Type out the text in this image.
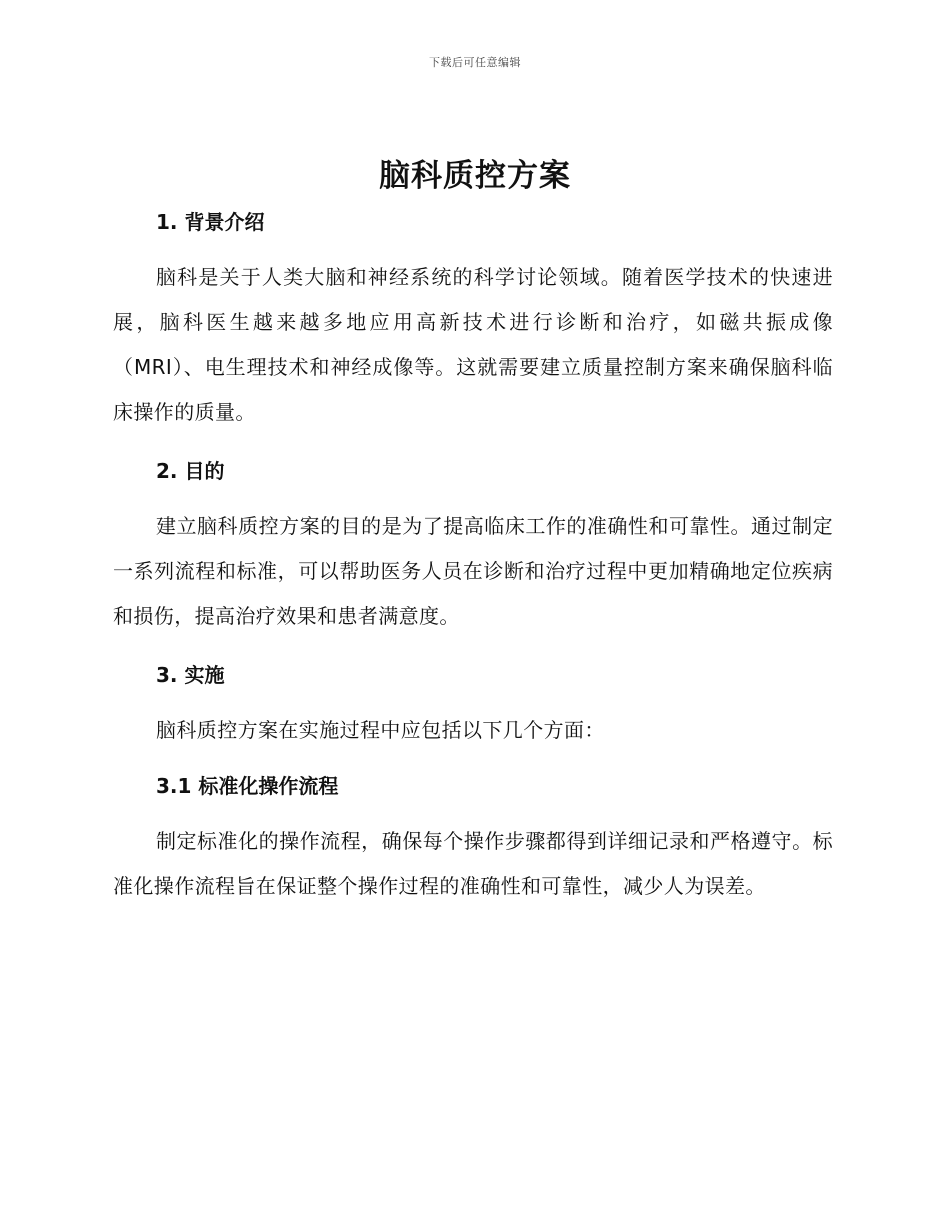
下载后可任意编辑
脑科质控方案
1. 背景介绍

脑科是关于人类大脑和神经系统的科学讨论领域。随着医学技术的快速进展，脑科医生越来越多地应用高新技术进行诊断和治疗，如磁共振成像（MRI）、电生理技术和神经成像等。这就需要建立质量控制方案来确保脑科临床操作的质量。

2. 目的

建立脑科质控方案的目的是为了提高临床工作的准确性和可靠性。通过制定一系列流程和标准，可以帮助医务人员在诊断和治疗过程中更加精确地定位疾病和损伤，提高治疗效果和患者满意度。

3. 实施

脑科质控方案在实施过程中应包括以下几个方面：

3.1 标准化操作流程

制定标准化的操作流程，确保每个操作步骤都得到详细记录和严格遵守。标准化操作流程旨在保证整个操作过程的准确性和可靠性，减少人为误差。
